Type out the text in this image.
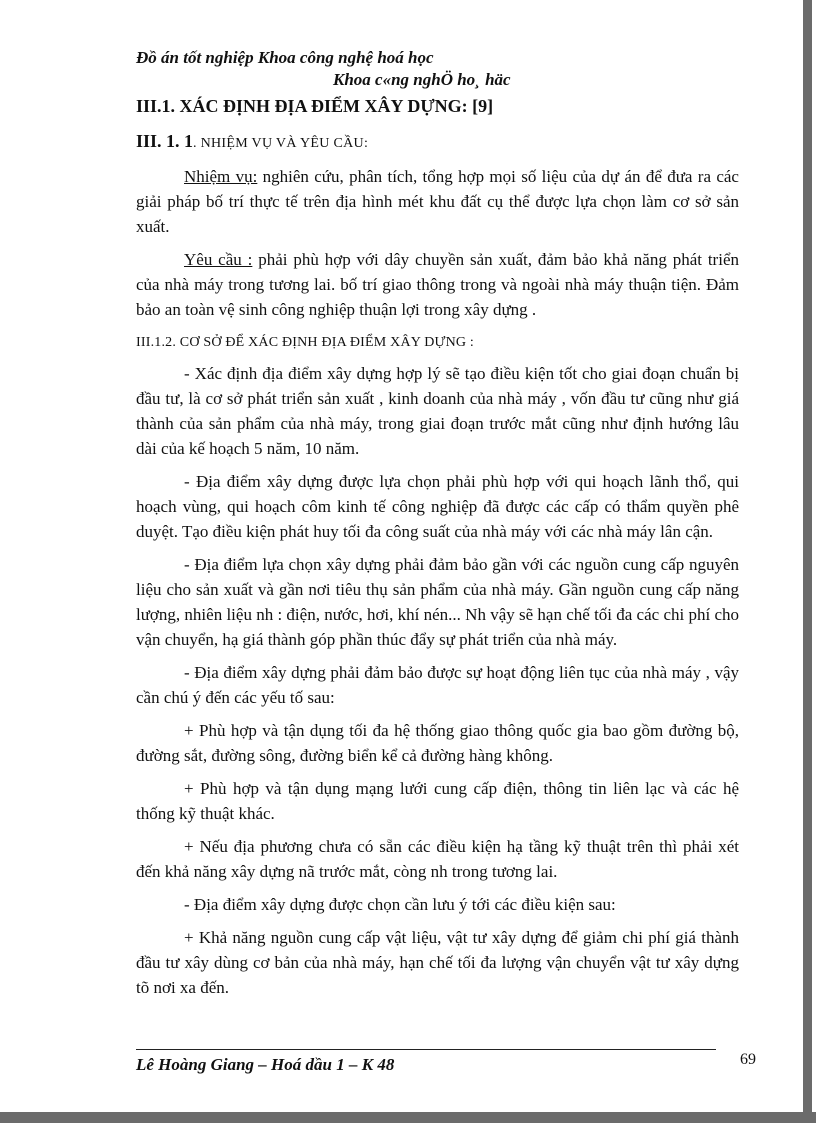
Đồ án tốt nghiệp Khoa công nghệ hoá học
Khoa c«ng nghÖ ho¸ häc
III.1. XÁC ĐỊNH ĐỊA ĐIỂM XÂY DỰNG: [9]
III. 1. 1. NHIỆM VỤ VÀ YÊU CẦU:

Nhiệm vụ: nghiên cứu, phân tích, tổng hợp mọi số liệu của dự án để đưa ra các giải pháp bố trí thực tế trên địa hình mét khu đất cụ thể được lựa chọn làm cơ sở sản xuất.

Yêu cầu : phải phù hợp với dây chuyền sản xuất, đảm bảo khả năng phát triển của nhà máy trong tương lai. bố trí giao thông trong và ngoài nhà máy thuận tiện. Đảm bảo an toàn vệ sinh công nghiệp thuận lợi trong xây dựng .

III.1.2. CƠ SỞ ĐỂ XÁC ĐỊNH ĐỊA ĐIỂM XÂY DỰNG :

- Xác định địa điểm xây dựng hợp lý sẽ tạo điều kiện tốt cho giai đoạn chuẩn bị đầu tư, là cơ sở phát triển sản xuất , kinh doanh của nhà máy , vốn đầu tư cũng như giá thành của sản phẩm của nhà máy, trong giai đoạn trước mắt cũng như định hướng lâu dài của kế hoạch 5 năm, 10 năm.

- Địa điểm xây dựng được lựa chọn phải phù hợp với qui hoạch lãnh thổ, qui hoạch vùng, qui hoạch côm kinh tế công nghiệp đã được các cấp có thẩm quyền phê duyệt. Tạo điều kiện phát huy tối đa công suất của nhà máy với các nhà máy lân cận.

- Địa điểm lựa chọn xây dựng phải đảm bảo gần với các nguồn cung cấp nguyên liệu cho sản xuất và gần nơi tiêu thụ sản phẩm của nhà máy. Gần nguồn cung cấp năng lượng, nhiên liệu nh : điện, nước, hơi, khí nén... Nh vậy sẽ hạn chế tối đa các chi phí cho vận chuyển, hạ giá thành góp phần thúc đẩy sự phát triển của nhà máy.

- Địa điểm xây dựng phải đảm bảo được sự hoạt động liên tục của nhà máy , vậy cần chú ý đến các yếu tố sau:

+ Phù hợp và tận dụng tối đa hệ thống giao thông quốc gia bao gồm đường bộ, đường sắt, đường sông, đường biển kể cả đường hàng không.

+ Phù hợp và tận dụng mạng lưới cung cấp điện, thông tin liên lạc và các hệ thống kỹ thuật khác.

+ Nếu địa phương chưa có sẵn các điều kiện hạ tầng kỹ thuật trên thì phải xét đến khả năng xây dựng nã trước mắt, còng nh trong tương lai.

- Địa điểm xây dựng được chọn cần lưu ý tới các điều kiện sau:

+ Khả năng nguồn cung cấp vật liệu, vật tư xây dựng để giảm chi phí giá thành đầu tư xây dùng cơ bản của nhà máy, hạn chế tối đa lượng vận chuyển vật tư xây dựng tõ nơi xa đến.

Lê Hoàng Giang – Hoá dầu 1 – K 48	69
